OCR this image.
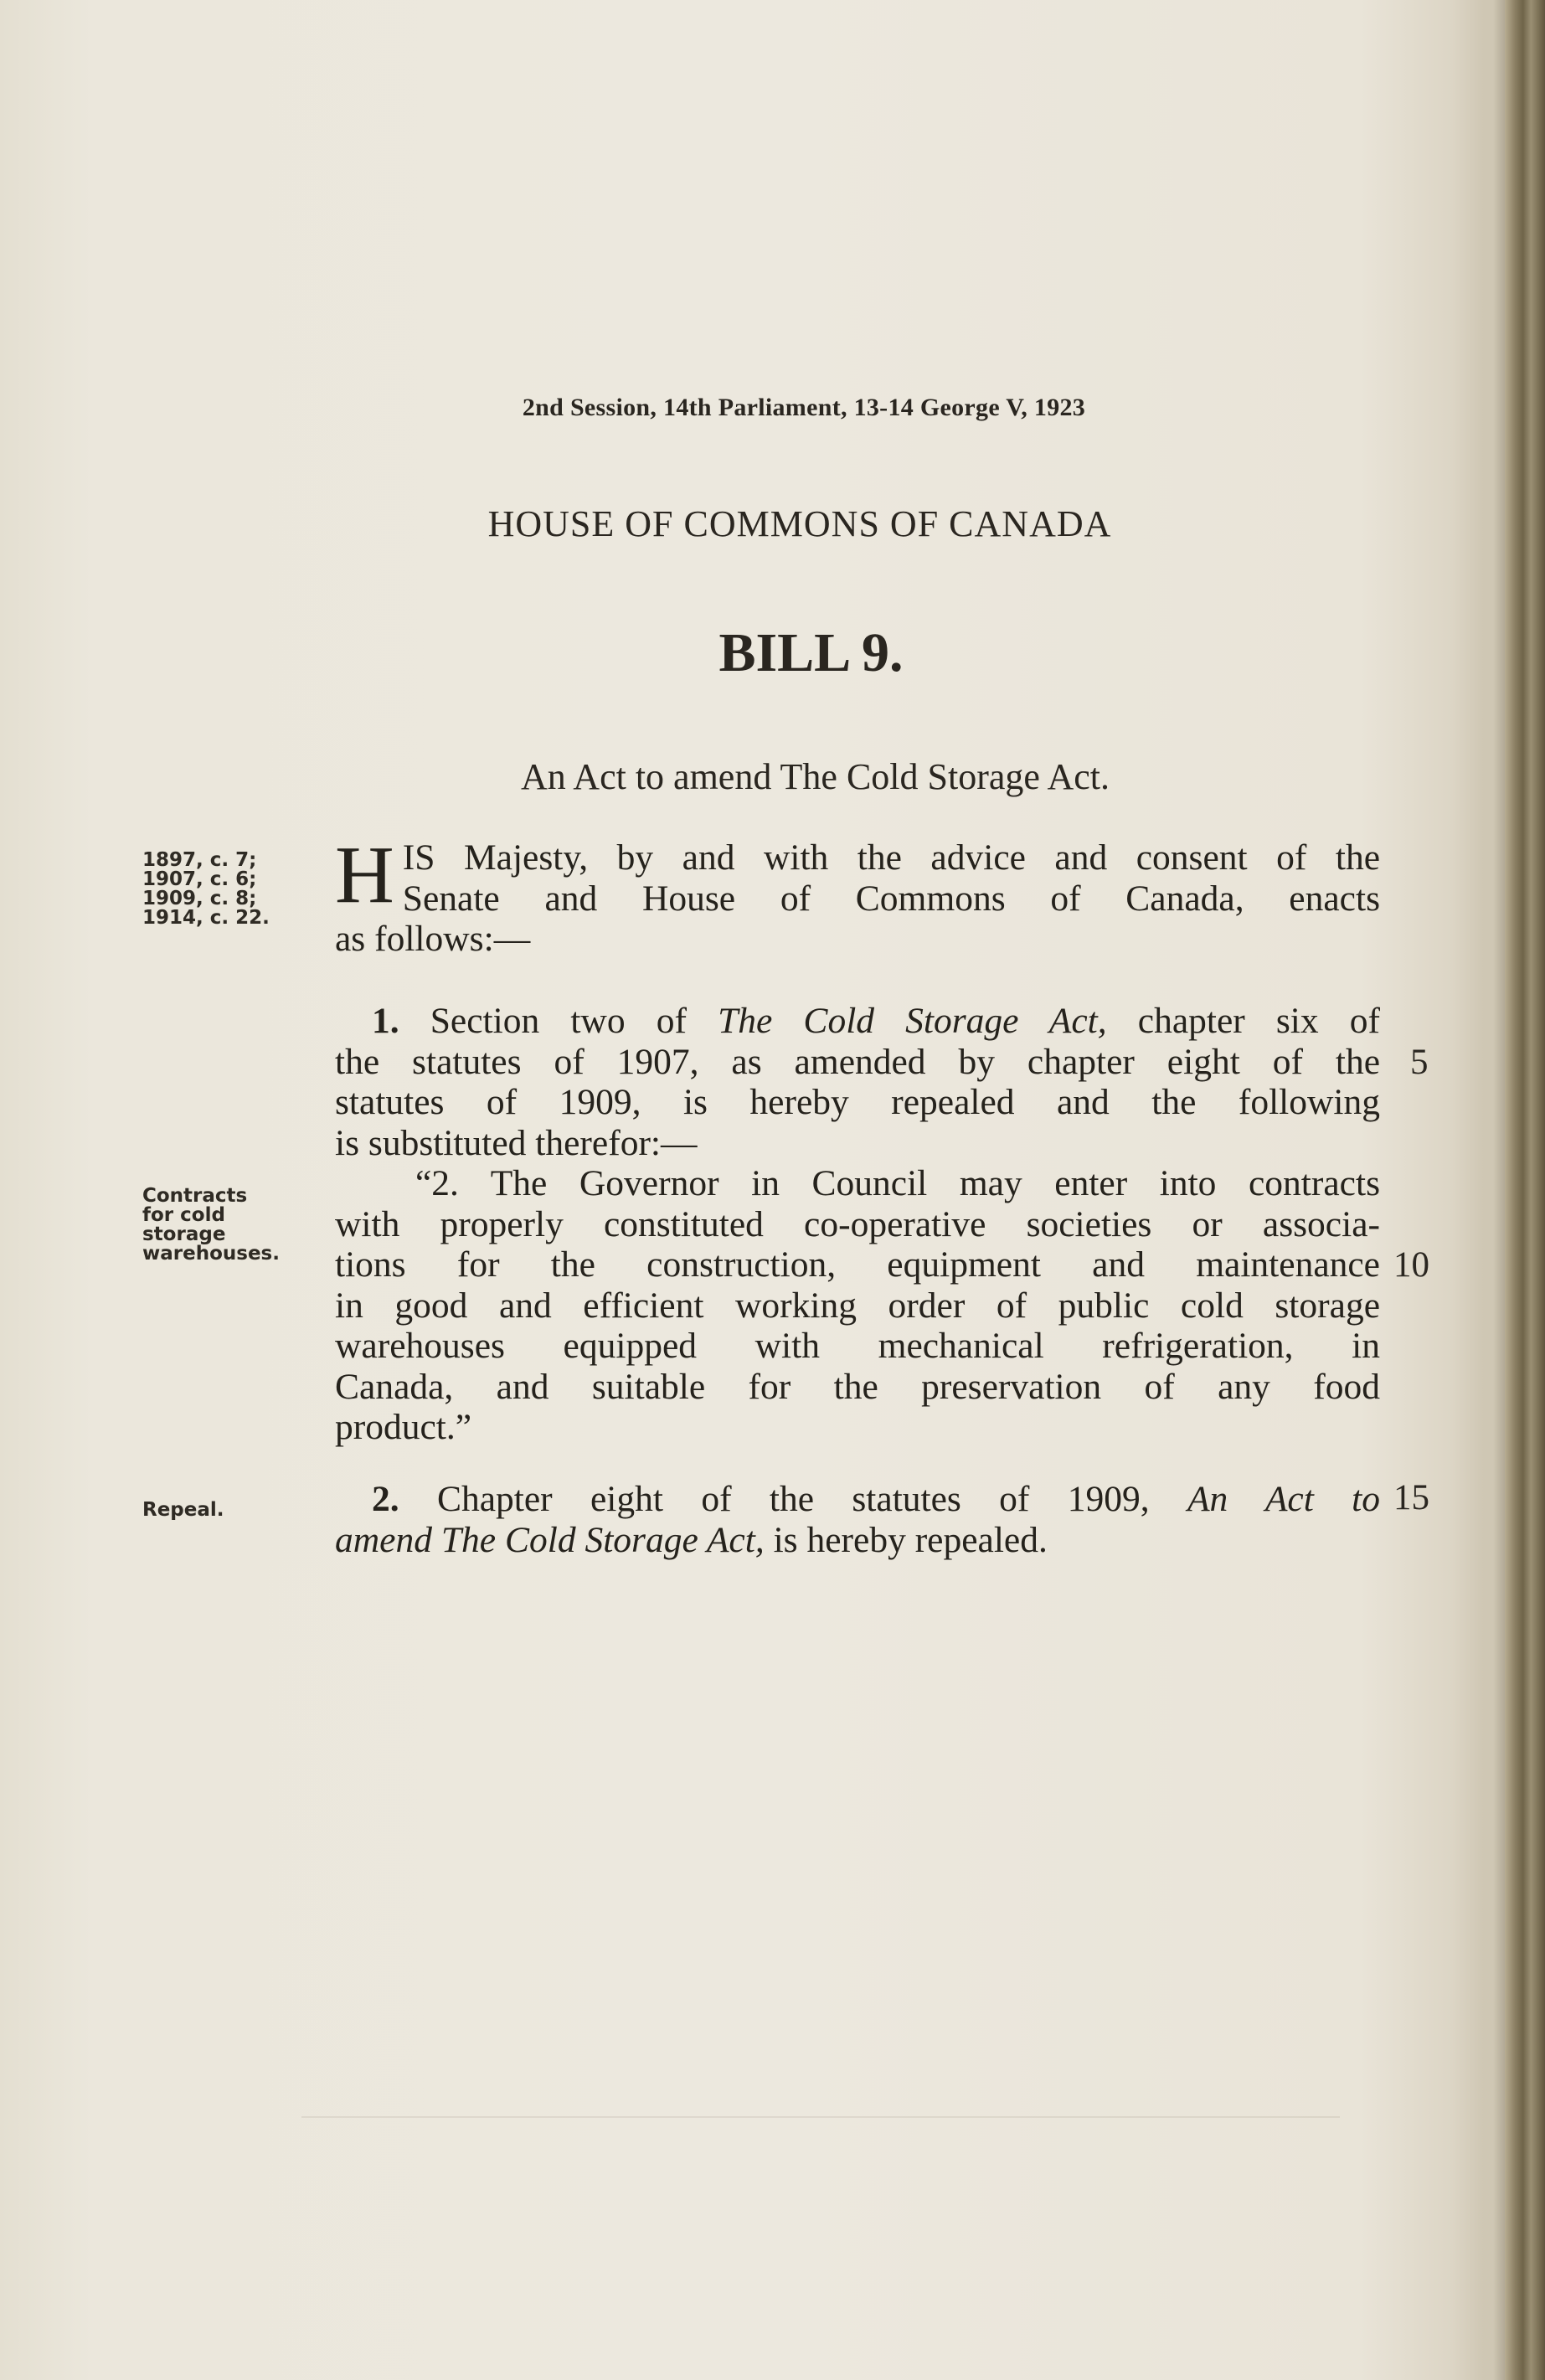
2nd Session, 14th Parliament, 13-14 George V, 1923
HOUSE OF COMMONS OF CANADA
BILL 9.
An Act to amend The Cold Storage Act.
1897, c. 7;
1907, c. 6;
1909, c. 8;
1914, c. 22.
Contracts
for cold
storage
warehouses.
Repeal.
H IS Majesty, by and with the advice and consent of the
Senate and House of Commons of Canada, enacts
as follows:—
1. Section two of The Cold Storage Act, chapter six of
the statutes of 1907, as amended by chapter eight of the
statutes of 1909, is hereby repealed and the following
is substituted therefor:—
“2. The Governor in Council may enter into contracts
with properly constituted co-operative societies or associa-
tions for the construction, equipment and maintenance
in good and efficient working order of public cold storage
warehouses equipped with mechanical refrigeration, in
Canada, and suitable for the preservation of any food
product.”
2. Chapter eight of the statutes of 1909, An Act to
amend The Cold Storage Act, is hereby repealed.
5
10
15
